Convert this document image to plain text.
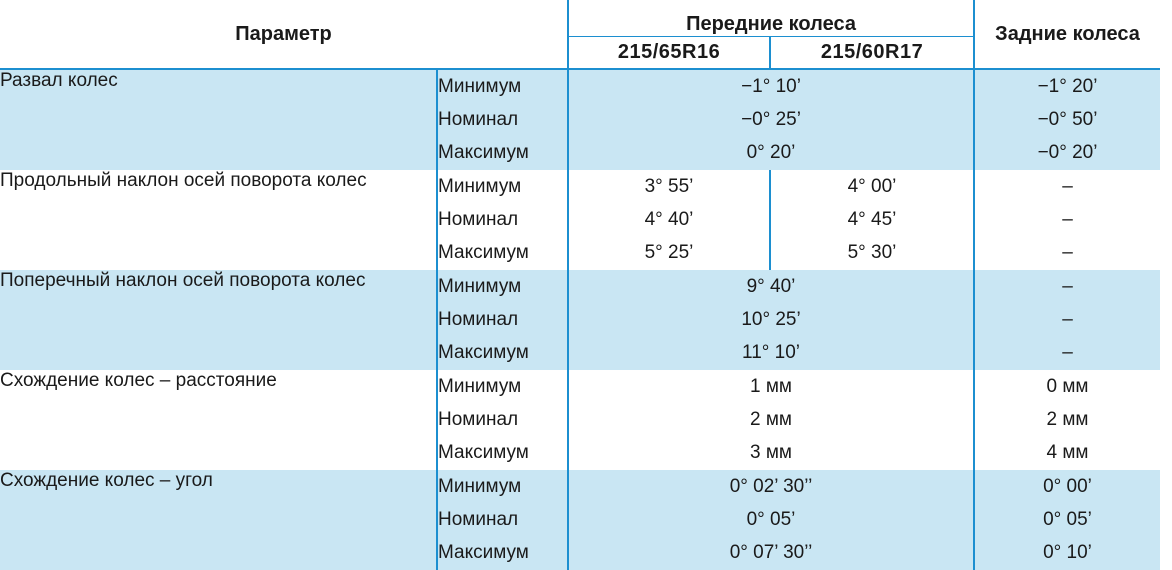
Параметр		Передние колеса		Задние колеса
		215/65R16	215/60R17	
Развал колес	Минимум	−1° 10’		−1° 20’
	Номинал	−0° 25’		−0° 50’
	Максимум	0° 20’		−0° 20’
Продольный наклон осей поворота колес	Минимум	3° 55’	4° 00’	–
	Номинал	4° 40’	4° 45’	–
	Максимум	5° 25’	5° 30’	–
Поперечный наклон осей поворота колес	Минимум	9° 40’		–
	Номинал	10° 25’		–
	Максимум	11° 10’		–
Схождение колес – расстояние	Минимум	1 мм		0 мм
	Номинал	2 мм		2 мм
	Максимум	3 мм		4 мм
Схождение колес – угол	Минимум	0° 02’ 30’’		0° 00’
	Номинал	0° 05’		0° 05’
	Максимум	0° 07’ 30’’		0° 10’
